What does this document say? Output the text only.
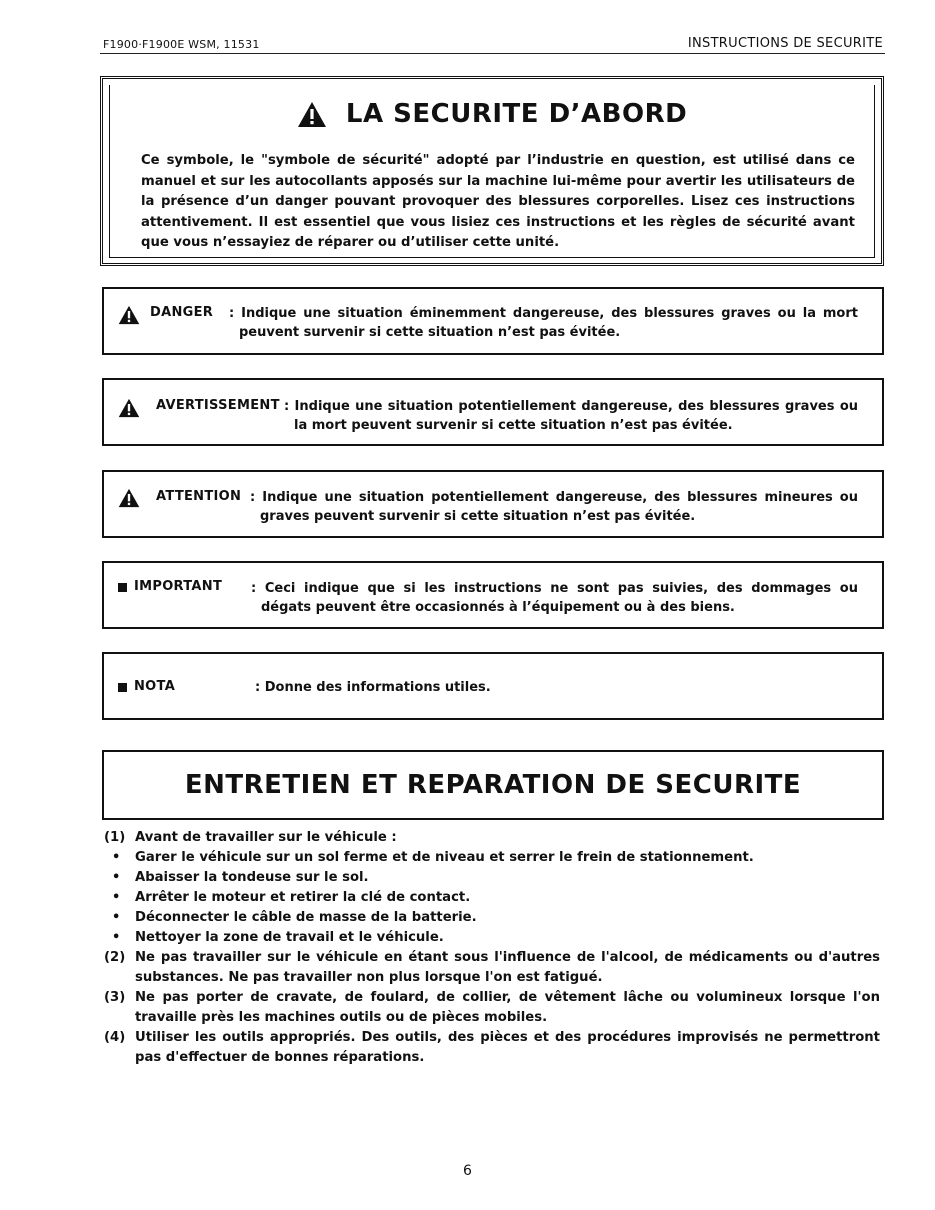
F1900·F1900E WSM, 11531	INSTRUCTIONS DE SECURITE
LA SECURITE D’ABORD
Ce symbole, le "symbole de sécurité" adopté par l’industrie en question, est utilisé dans ce manuel et sur les autocollants apposés sur la machine lui-même pour avertir les utilisateurs de la présence d’un danger pouvant provoquer des blessures corporelles. Lisez ces instructions attentivement. Il est essentiel que vous lisiez ces instructions et les règles de sécurité avant que vous n’essayiez de réparer ou d’utiliser cette unité.
DANGER : Indique une situation éminemment dangereuse, des blessures graves ou la mort peuvent survenir si cette situation n’est pas évitée.
AVERTISSEMENT : Indique une situation potentiellement dangereuse, des blessures graves ou la mort peuvent survenir si cette situation n’est pas évitée.
ATTENTION : Indique une situation potentiellement dangereuse, des blessures mineures ou graves peuvent survenir si cette situation n’est pas évitée.
IMPORTANT : Ceci indique que si les instructions ne sont pas suivies, des dommages ou dégats peuvent être occasionnés à l’équipement ou à des biens.
NOTA	: Donne des informations utiles.
ENTRETIEN ET REPARATION DE SECURITE
(1) Avant de travailler sur le véhicule :
• Garer le véhicule sur un sol ferme et de niveau et serrer le frein de stationnement.
• Abaisser la tondeuse sur le sol.
• Arrêter le moteur et retirer la clé de contact.
• Déconnecter le câble de masse de la batterie.
• Nettoyer la zone de travail et le véhicule.
(2) Ne pas travailler sur le véhicule en étant sous l'influence de l'alcool, de médicaments ou d'autres substances. Ne pas travailler non plus lorsque l'on est fatigué.
(3) Ne pas porter de cravate, de foulard, de collier, de vêtement lâche ou volumineux lorsque l'on travaille près les machines outils ou de pièces mobiles.
(4) Utiliser les outils appropriés. Des outils, des pièces et des procédures improvisés ne permettront pas d'effectuer de bonnes réparations.
6
